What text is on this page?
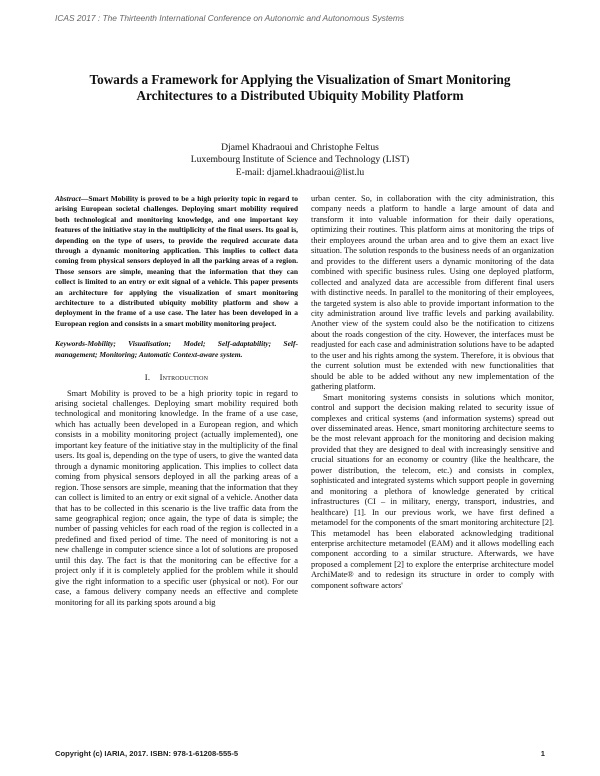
ICAS 2017 : The Thirteenth International Conference on Autonomic and Autonomous Systems
Towards a Framework for Applying the Visualization of Smart Monitoring
Architectures to a Distributed Ubiquity Mobility Platform
Djamel Khadraoui and Christophe Feltus
Luxembourg Institute of Science and Technology (LIST)
E-mail: djamel.khadraoui@list.lu

Abstract—Smart Mobility is proved to be a high priority topic in regard to arising European societal challenges. Deploying smart mobility required both technological and monitoring knowledge, and one important key features of the initiative stay in the multiplicity of the final users. Its goal is, depending on the type of users, to provide the required accurate data through a dynamic monitoring application. This implies to collect data coming from physical sensors deployed in all the parking areas of a region. Those sensors are simple, meaning that the information that they can collect is limited to an entry or exit signal of a vehicle. This paper presents an architecture for applying the visualization of smart monitoring architecture to a distributed ubiquity mobility platform and show a deployment in the frame of a use case. The later has been developed in a European region and consists in a smart mobility monitoring project.

Keywords-Mobility; Visualisation; Model; Self-adaptability; Self-management; Monitoring; Automatic Context-aware system.

I. Introduction

Smart Mobility is proved to be a high priority topic in regard to arising societal challenges. Deploying smart mobility required both technological and monitoring knowledge. In the frame of a use case, which has actually been developed in a European region, and which consists in a mobility monitoring project (actually implemented), one important key feature of the initiative stay in the multiplicity of the final users. Its goal is, depending on the type of users, to give the wanted data through a dynamic monitoring application. This implies to collect data coming from physical sensors deployed in all the parking areas of a region. Those sensors are simple, meaning that the information that they can collect is limited to an entry or exit signal of a vehicle. Another data that has to be collected in this scenario is the live traffic data from the same geographical region; once again, the type of data is simple; the number of passing vehicles for each road of the region is collected in a predefined and fixed period of time. The need of monitoring is not a new challenge in computer science since a lot of solutions are proposed until this day. The fact is that the monitoring can be effective for a project only if it is completely applied for the problem while it should give the right information to a specific user (physical or not). For our case, a famous delivery company needs an effective and complete monitoring for all its parking spots around a big

urban center. So, in collaboration with the city administration, this company needs a platform to handle a large amount of data and transform it into valuable information for their daily operations, optimizing their routines. This platform aims at monitoring the trips of their employees around the urban area and to give them an exact live situation. The solution responds to the business needs of an organization and provides to the different users a dynamic monitoring of the data combined with specific business rules. Using one deployed platform, collected and analyzed data are accessible from different final users with distinctive needs. In parallel to the monitoring of their employees, the targeted system is also able to provide important information to the city administration around live traffic levels and parking availability. Another view of the system could also be the notification to citizens about the roads congestion of the city. However, the interfaces must be readjusted for each case and administration solutions have to be adapted to the user and his rights among the system. Therefore, it is obvious that the current solution must be extended with new functionalities that should be able to be added without any new implementation of the gathering platform.

Smart monitoring systems consists in solutions which monitor, control and support the decision making related to security issue of complexes and critical systems (and information systems) spread out over disseminated areas. Hence, smart monitoring architecture seems to be the most relevant approach for the monitoring and decision making provided that they are designed to deal with increasingly sensitive and crucial situations for an economy or country (like the healthcare, the power distribution, the telecom, etc.) and consists in complex, sophisticated and integrated systems which support people in governing and monitoring a plethora of knowledge generated by critical infrastructures (CI – in military, energy, transport, industries, and healthcare) [1]. In our previous work, we have first defined a metamodel for the components of the smart monitoring architecture [2]. This metamodel has been elaborated acknowledging traditional enterprise architecture metamodel (EAM) and it allows modelling each component according to a similar structure. Afterwards, we have proposed a complement [2] to explore the enterprise architecture model ArchiMate® and to redesign its structure in order to comply with component software actors'

Copyright (c) IARIA, 2017. ISBN: 978-1-61208-555-5	1
